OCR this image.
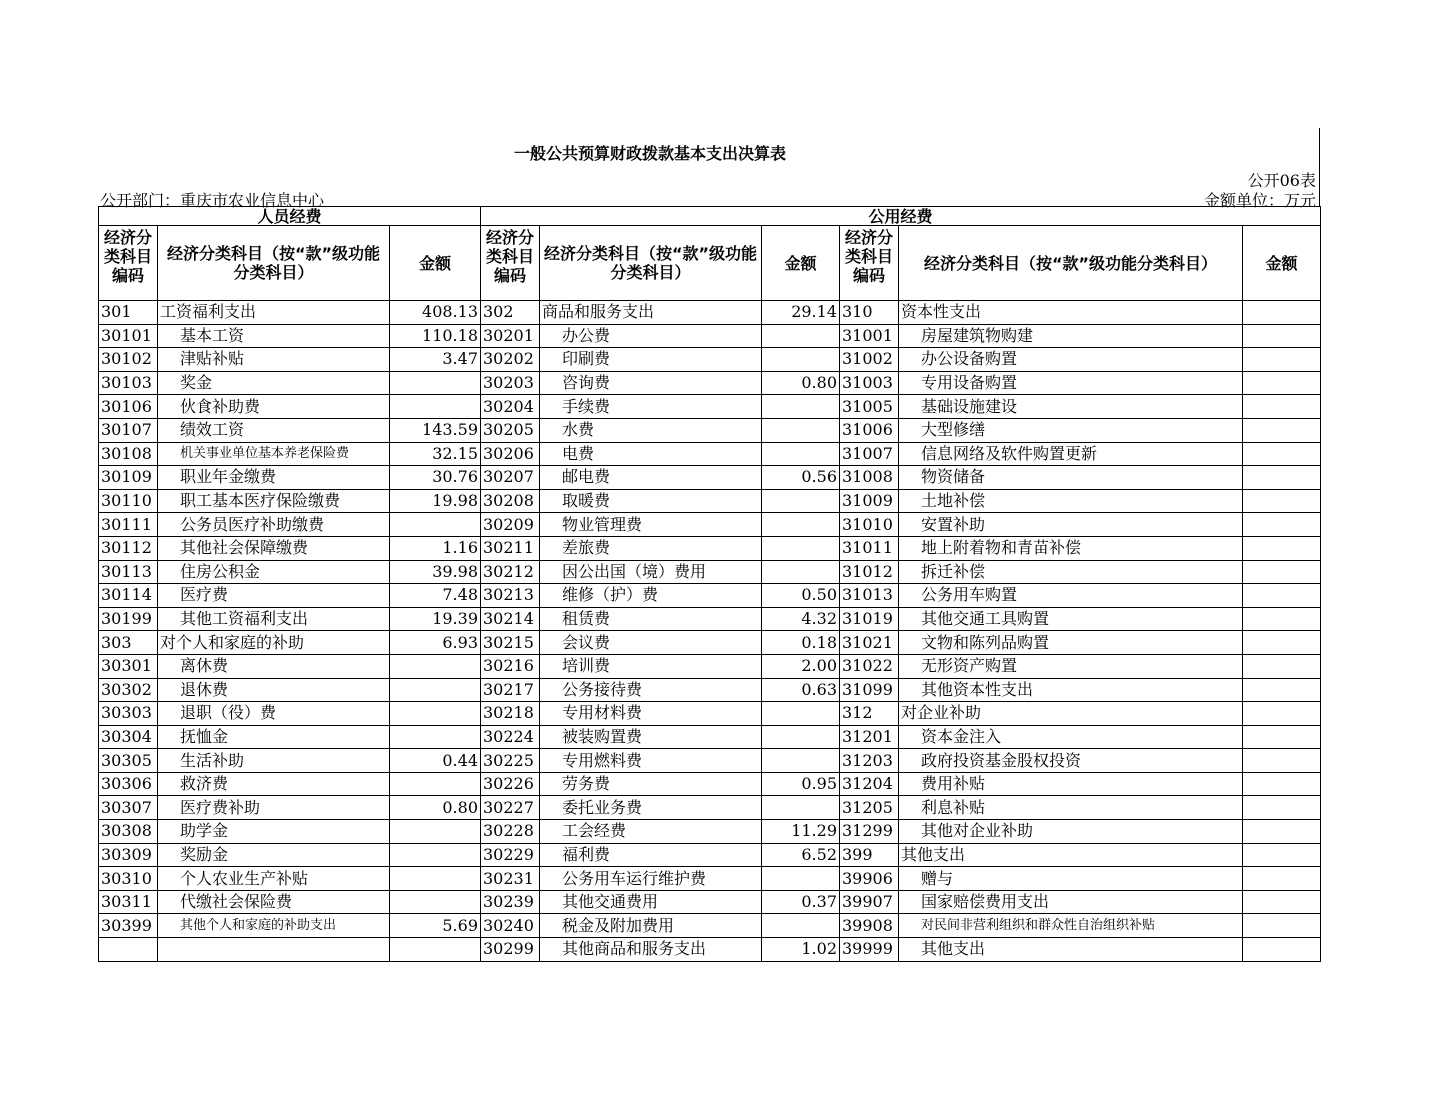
一般公共预算财政拨款基本支出决算表
公开06表
公开部门：重庆市农业信息中心	金额单位：万元
人员经费			公用经费					
经济分类科目编码	经济分类科目（按“款”级功能分类科目）	金额	经济分类科目编码	经济分类科目（按“款”级功能分类科目）	金额	经济分类科目编码	经济分类科目（按“款”级功能分类科目）	金额
301	工资福利支出	408.13	302	商品和服务支出	29.14	310	资本性支出	
30101	基本工资	110.18	30201	办公费		31001	房屋建筑物购建	
30102	津贴补贴	3.47	30202	印刷费		31002	办公设备购置	
30103	奖金		30203	咨询费	0.80	31003	专用设备购置	
30106	伙食补助费		30204	手续费		31005	基础设施建设	
30107	绩效工资	143.59	30205	水费		31006	大型修缮	
30108	机关事业单位基本养老保险费	32.15	30206	电费		31007	信息网络及软件购置更新	
30109	职业年金缴费	30.76	30207	邮电费	0.56	31008	物资储备	
30110	职工基本医疗保险缴费	19.98	30208	取暖费		31009	土地补偿	
30111	公务员医疗补助缴费		30209	物业管理费		31010	安置补助	
30112	其他社会保障缴费	1.16	30211	差旅费		31011	地上附着物和青苗补偿	
30113	住房公积金	39.98	30212	因公出国（境）费用		31012	拆迁补偿	
30114	医疗费	7.48	30213	维修（护）费	0.50	31013	公务用车购置	
30199	其他工资福利支出	19.39	30214	租赁费	4.32	31019	其他交通工具购置	
303	对个人和家庭的补助	6.93	30215	会议费	0.18	31021	文物和陈列品购置	
30301	离休费		30216	培训费	2.00	31022	无形资产购置	
30302	退休费		30217	公务接待费	0.63	31099	其他资本性支出	
30303	退职（役）费		30218	专用材料费		312	对企业补助	
30304	抚恤金		30224	被装购置费		31201	资本金注入	
30305	生活补助	0.44	30225	专用燃料费		31203	政府投资基金股权投资	
30306	救济费		30226	劳务费	0.95	31204	费用补贴	
30307	医疗费补助	0.80	30227	委托业务费		31205	利息补贴	
30308	助学金		30228	工会经费	11.29	31299	其他对企业补助	
30309	奖励金		30229	福利费	6.52	399	其他支出	
30310	个人农业生产补贴		30231	公务用车运行维护费		39906	赠与	
30311	代缴社会保险费		30239	其他交通费用	0.37	39907	国家赔偿费用支出	
30399	其他个人和家庭的补助支出	5.69	30240	税金及附加费用		39908	对民间非营利组织和群众性自治组织补贴	
			30299	其他商品和服务支出	1.02	39999	其他支出	
